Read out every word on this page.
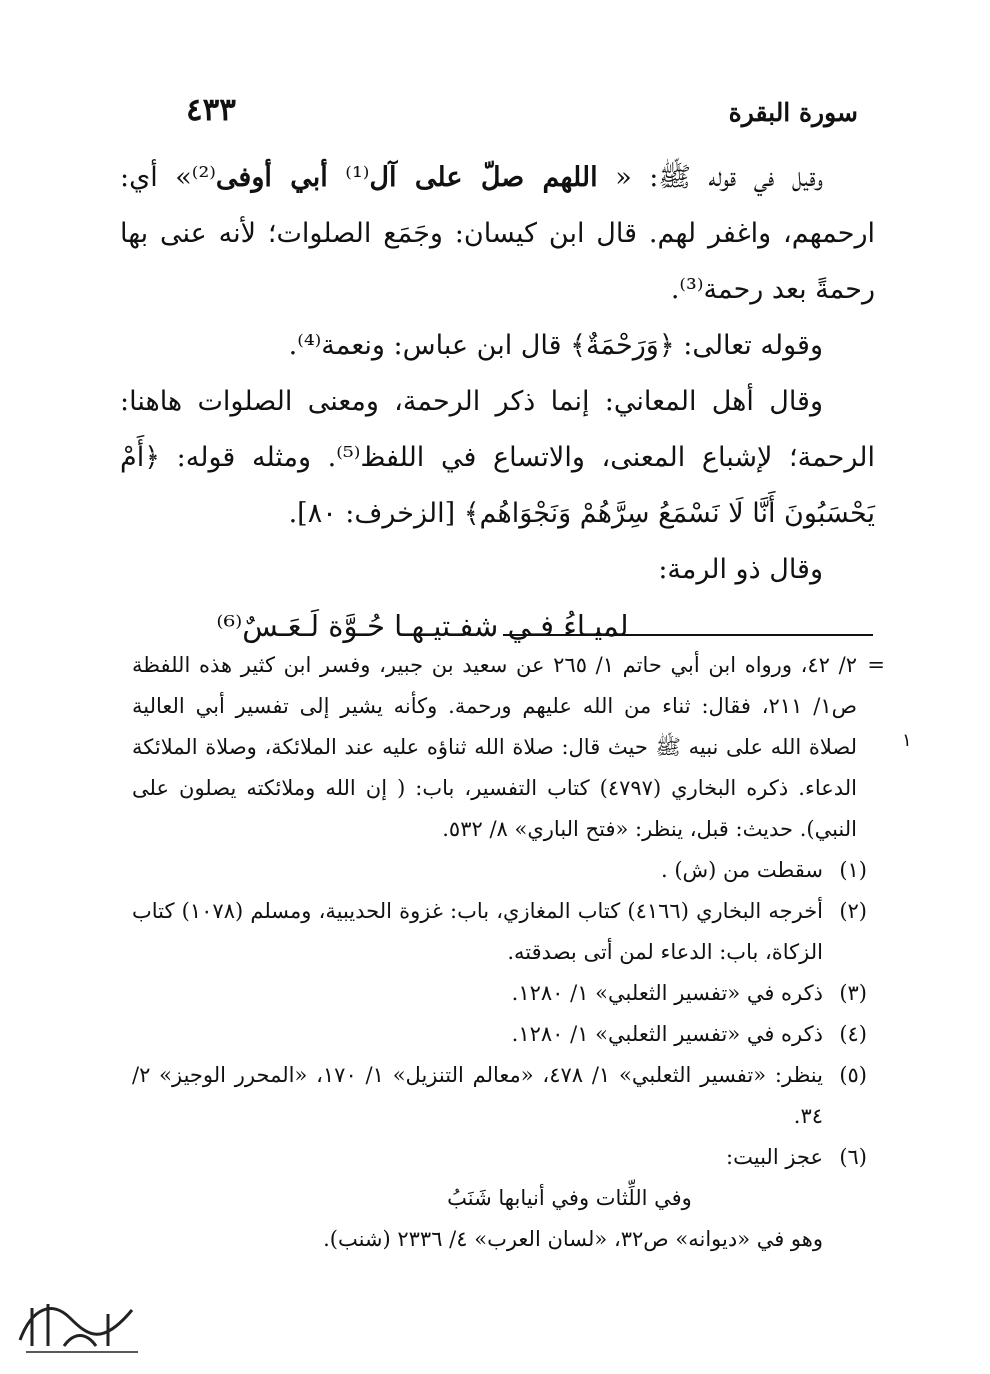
سورة البقرة
٤٣٣

وقيل في قوله ﷺ: « اللهم صلّ على آل⁽¹⁾ أبي أوفى⁽²⁾» أي: ارحمهم، واغفر لهم. قال ابن كيسان: وجَمَع الصلوات؛ لأنه عنى بها رحمةً بعد رحمة⁽³⁾.

وقوله تعالى: ﴿وَرَحْمَةٌ﴾ قال ابن عباس: ونعمة⁽⁴⁾.

وقال أهل المعاني: إنما ذكر الرحمة، ومعنى الصلوات هاهنا: الرحمة؛ لإشباع المعنى، والاتساع في اللفظ⁽⁵⁾. ومثله قوله: ﴿أَمْ يَحْسَبُونَ أَنَّا لَا نَسْمَعُ سِرَّهُمْ وَنَجْوَاهُم﴾ [الزخرف: ٨٠].

وقال ذو الرمة:

لميـاءُ فـي شفـتيـهـا حُـوَّة لَـعَـسٌ⁽⁶⁾

١
=
٢/ ٤٢، ورواه ابن أبي حاتم ١/ ٢٦٥ عن سعيد بن جبير، وفسر ابن كثير هذه اللفظة ص١/ ٢١١، فقال: ثناء من الله عليهم ورحمة. وكأنه يشير إلى تفسير أبي العالية لصلاة الله على نبيه ﷺ حيث قال: صلاة الله ثناؤه عليه عند الملائكة، وصلاة الملائكة الدعاء. ذكره البخاري (٤٧٩٧) كتاب التفسير، باب: ( إن الله وملائكته يصلون على النبي). حديث: قبل، ينظر: «فتح الباري» ٨/ ٥٣٢.
(١)
سقطت من (ش) .
(٢)
أخرجه البخاري (٤١٦٦) كتاب المغازي، باب: غزوة الحديبية، ومسلم (١٠٧٨) كتاب الزكاة، باب: الدعاء لمن أتى بصدقته.
(٣)
ذكره في «تفسير الثعلبي» ١/ ١٢٨٠.
(٤)
ذكره في «تفسير الثعلبي» ١/ ١٢٨٠.
(٥)
ينظر: «تفسير الثعلبي» ١/ ٤٧٨، «معالم التنزيل» ١/ ١٧٠، «المحرر الوجيز» ٢/ ٣٤.
(٦)
عجز البيت:
وفي اللِّثات وفي أنيابها شَنَبُ
وهو في «ديوانه» ص٣٢، «لسان العرب» ٤/ ٢٣٣٦ (شنب).
